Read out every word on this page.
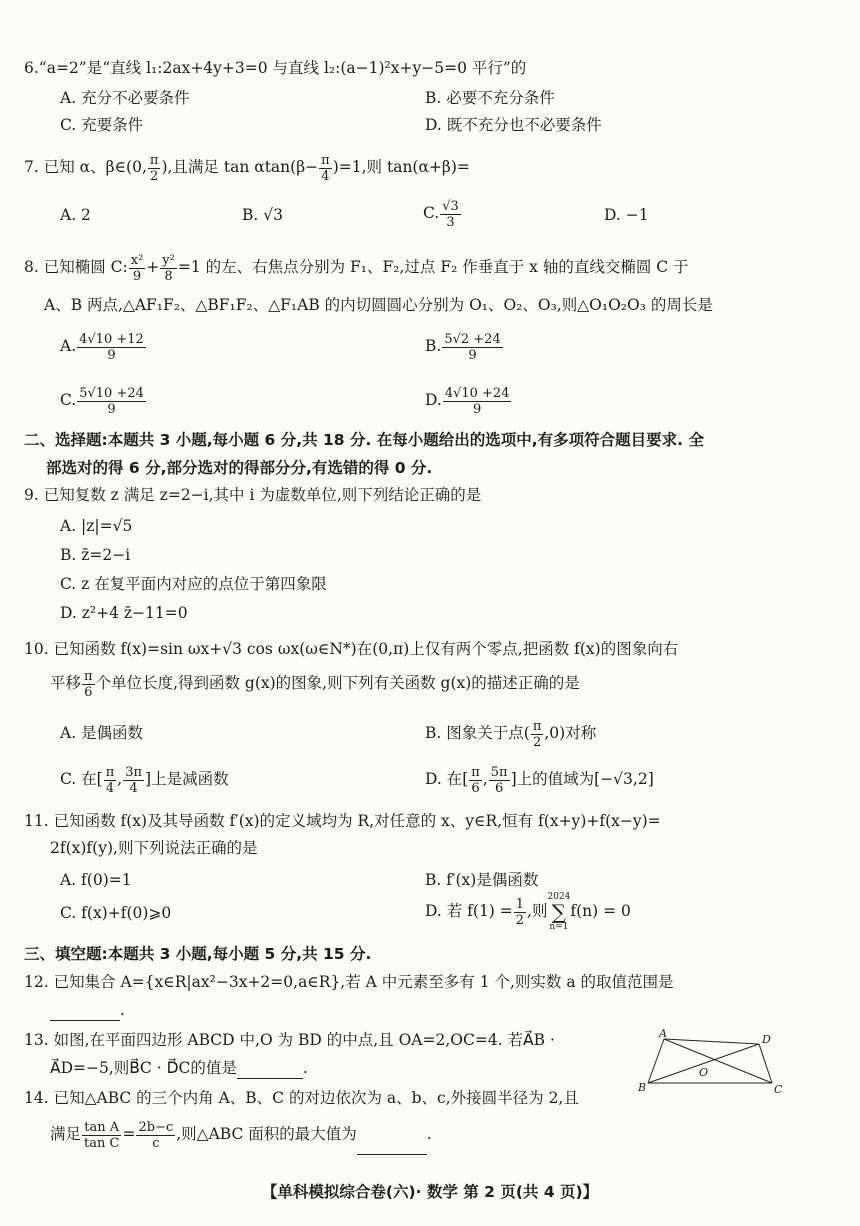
6.“a=2”是“直线 l₁:2ax+4y+3=0 与直线 l₂:(a−1)²x+y−5=0 平行”的
A. 充分不必要条件	B. 必要不充分条件
C. 充要条件	D. 既不充分也不必要条件
7. 已知 α、β∈(0, $\frac{\pi}{2}$ ),且满足 $\tan \alpha\tan(\beta- \frac{\pi}{4} )=1$,则 tan(α+β)=
A. 2	B. √3	C. $\frac{√3}{3}$	D. −1
8. 已知椭圆 C: $\frac{\text{x²}}{9} + \frac{\text{y²}}{8} =1$ 的左、右焦点分别为 F₁、F₂,过点 F₂ 作垂直于 x 轴的直线交椭圆 C 于
A、B 两点,△AF₁F₂、△BF₁F₂、△F₁AB 的内切圆圆心分别为 O₁、O₂、O₃,则△O₁O₂O₃ 的周长是
A. $\frac{4√10 +12}{9}$	B. $\frac{5√2 +24}{9}$
C. $\frac{5√10 +24}{9}$	D. $\frac{4√10 +24}{9}$
二、选择题:本题共 3 小题,每小题 6 分,共 18 分. 在每小题给出的选项中,有多项符合题目要求. 全
部选对的得 6 分,部分选对的得部分分,有选错的得 0 分.
9. 已知复数 z 满足 z=2−i,其中 i 为虚数单位,则下列结论正确的是
A. |z|=√5
B. z̄=2−i
C. z 在复平面内对应的点位于第四象限
D. z²+4 z̄−11=0
10. 已知函数 f(x)=sin ωx+√3 cos ωx(ω∈N*)在(0,π)上仅有两个零点,把函数 f(x)的图象向右
平移 $\frac{\pi}{6}$ 个单位长度,得到函数 g(x)的图象,则下列有关函数 g(x)的描述正确的是
A. 是偶函数	B. 图象关于点( $\frac{\pi}{2} ,0$)对称
C. 在[ $\frac{\pi}{4}$ , $\frac{3\pi}{4}$ ]上是减函数	D. 在[ $\frac{\pi}{6}$ , $\frac{5\pi}{6}$ ]上的值域为[−√3,2]
11. 已知函数 f(x)及其导函数 f′(x)的定义域均为 R,对任意的 x、y∈R,恒有 f(x+y)+f(x−y)=
2f(x)f(y),则下列说法正确的是
A. f(0)=1	B. f′(x)是偶函数
C. f(x)+f(0)⩾0	D. 若 $f(1) = \frac{1}{2}$ ,则2024
∑
n=1f(n) = 0
三、填空题:本题共 3 小题,每小题 5 分,共 15 分.
12. 已知集合 A={x∈R|ax²−3x+2=0,a∈R},若 A 中元素至多有 1 个,则实数 a 的取值范围是
.
13. 如图,在平面四边形 ABCD 中,O 为 BD 的中点,且 OA=2,OC=4. 若A⃗B ·
A⃗D=−5,则B⃗C · D⃗C的值是	.
A	D
B	C
O
14. 已知△ABC 的三个内角 A、B、C 的对边依次为 a、b、c,外接圆半径为 2,且
满足 $\frac{\text{tan A}}{\text{tan C}} = \frac{2b-c}{c}$ ,则△ABC 面积的最大值为	.
【单科模拟综合卷(六)· 数学 第 2 页(共 4 页)】
